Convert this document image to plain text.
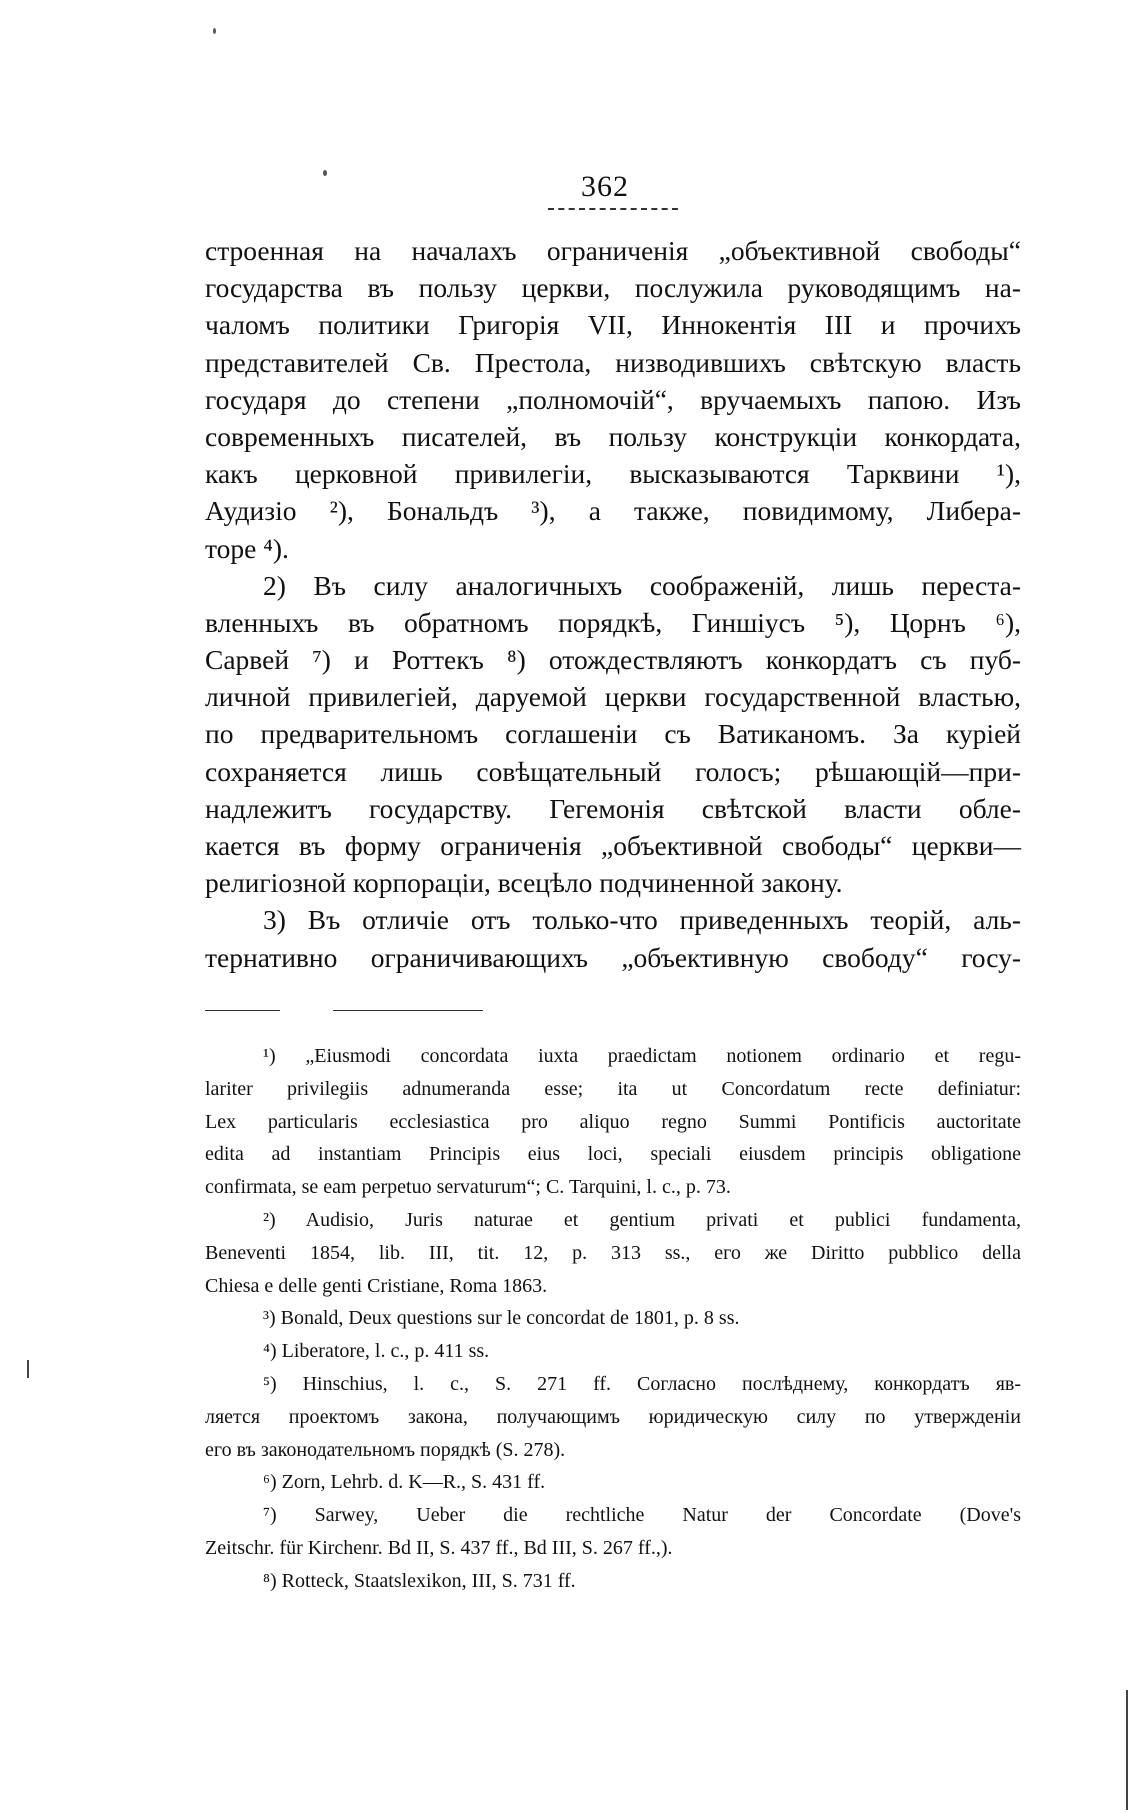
362
строенная на началахъ ограниченія „объективной свободы“
государства въ пользу церкви, послужила руководящимъ на-
чаломъ политики Григорія VII, Иннокентія III и прочихъ
представителей Св. Престола, низводившихъ свѣтскую власть
государя до степени „полномочій“, вручаемыхъ папою. Изъ
современныхъ писателей, въ пользу конструкціи конкордата,
какъ церковной привилегіи, высказываются Тарквини ¹),
Аудизіо ²), Бональдъ ³), а также, повидимому, Либера-
торе ⁴).
2) Въ силу аналогичныхъ соображеній, лишь переста-
вленныхъ въ обратномъ порядкѣ, Гиншіусъ ⁵), Цорнъ ⁶),
Сарвей ⁷) и Роттекъ ⁸) отождествляютъ конкордатъ съ пуб-
личной привилегіей, даруемой церкви государственной властью,
по предварительномъ соглашеніи съ Ватиканомъ. За куріей
сохраняется лишь совѣщательный голосъ; рѣшающій—при-
надлежитъ государству. Гегемонія свѣтской власти обле-
кается въ форму ограниченія „объективной свободы“ церкви—
религіозной корпораціи, всецѣло подчиненной закону.
3) Въ отличіе отъ только-что приведенныхъ теорій, аль-
тернативно ограничивающихъ „объективную свободу“ госу-
¹) „Eiusmodi concordata iuxta praedictam notionem ordinario et regu-
lariter privilegiis adnumeranda esse; ita ut Concordatum recte definiatur:
Lex particularis ecclesiastica pro aliquo regno Summi Pontificis auctoritate
edita ad instantiam Principis eius loci, speciali eiusdem principis obligatione
confirmata, se eam perpetuo servaturum“; C. Tarquini, l. c., p. 73.
²) Audisio, Juris naturae et gentium privati et publici fundamenta,
Beneventi 1854, lib. III, tit. 12, p. 313 ss., его же Diritto pubblico della
Chiesa e delle genti Cristiane, Roma 1863.
³) Bonald, Deux questions sur le concordat de 1801, p. 8 ss.
⁴) Liberatore, l. c., p. 411 ss.
⁵) Hinschius, l. c., S. 271 ff. Согласно послѣднему, конкордатъ яв-
ляется проектомъ закона, получающимъ юридическую силу по утвержденіи
его въ законодательномъ порядкѣ (S. 278).
⁶) Zorn, Lehrb. d. K—R., S. 431 ff.
⁷) Sarwey, Ueber die rechtliche Natur der Concordate (Dove's
Zeitschr. für Kirchenr. Bd II, S. 437 ff., Bd III, S. 267 ff.,).
⁸) Rotteck, Staatslexikon, III, S. 731 ff.
